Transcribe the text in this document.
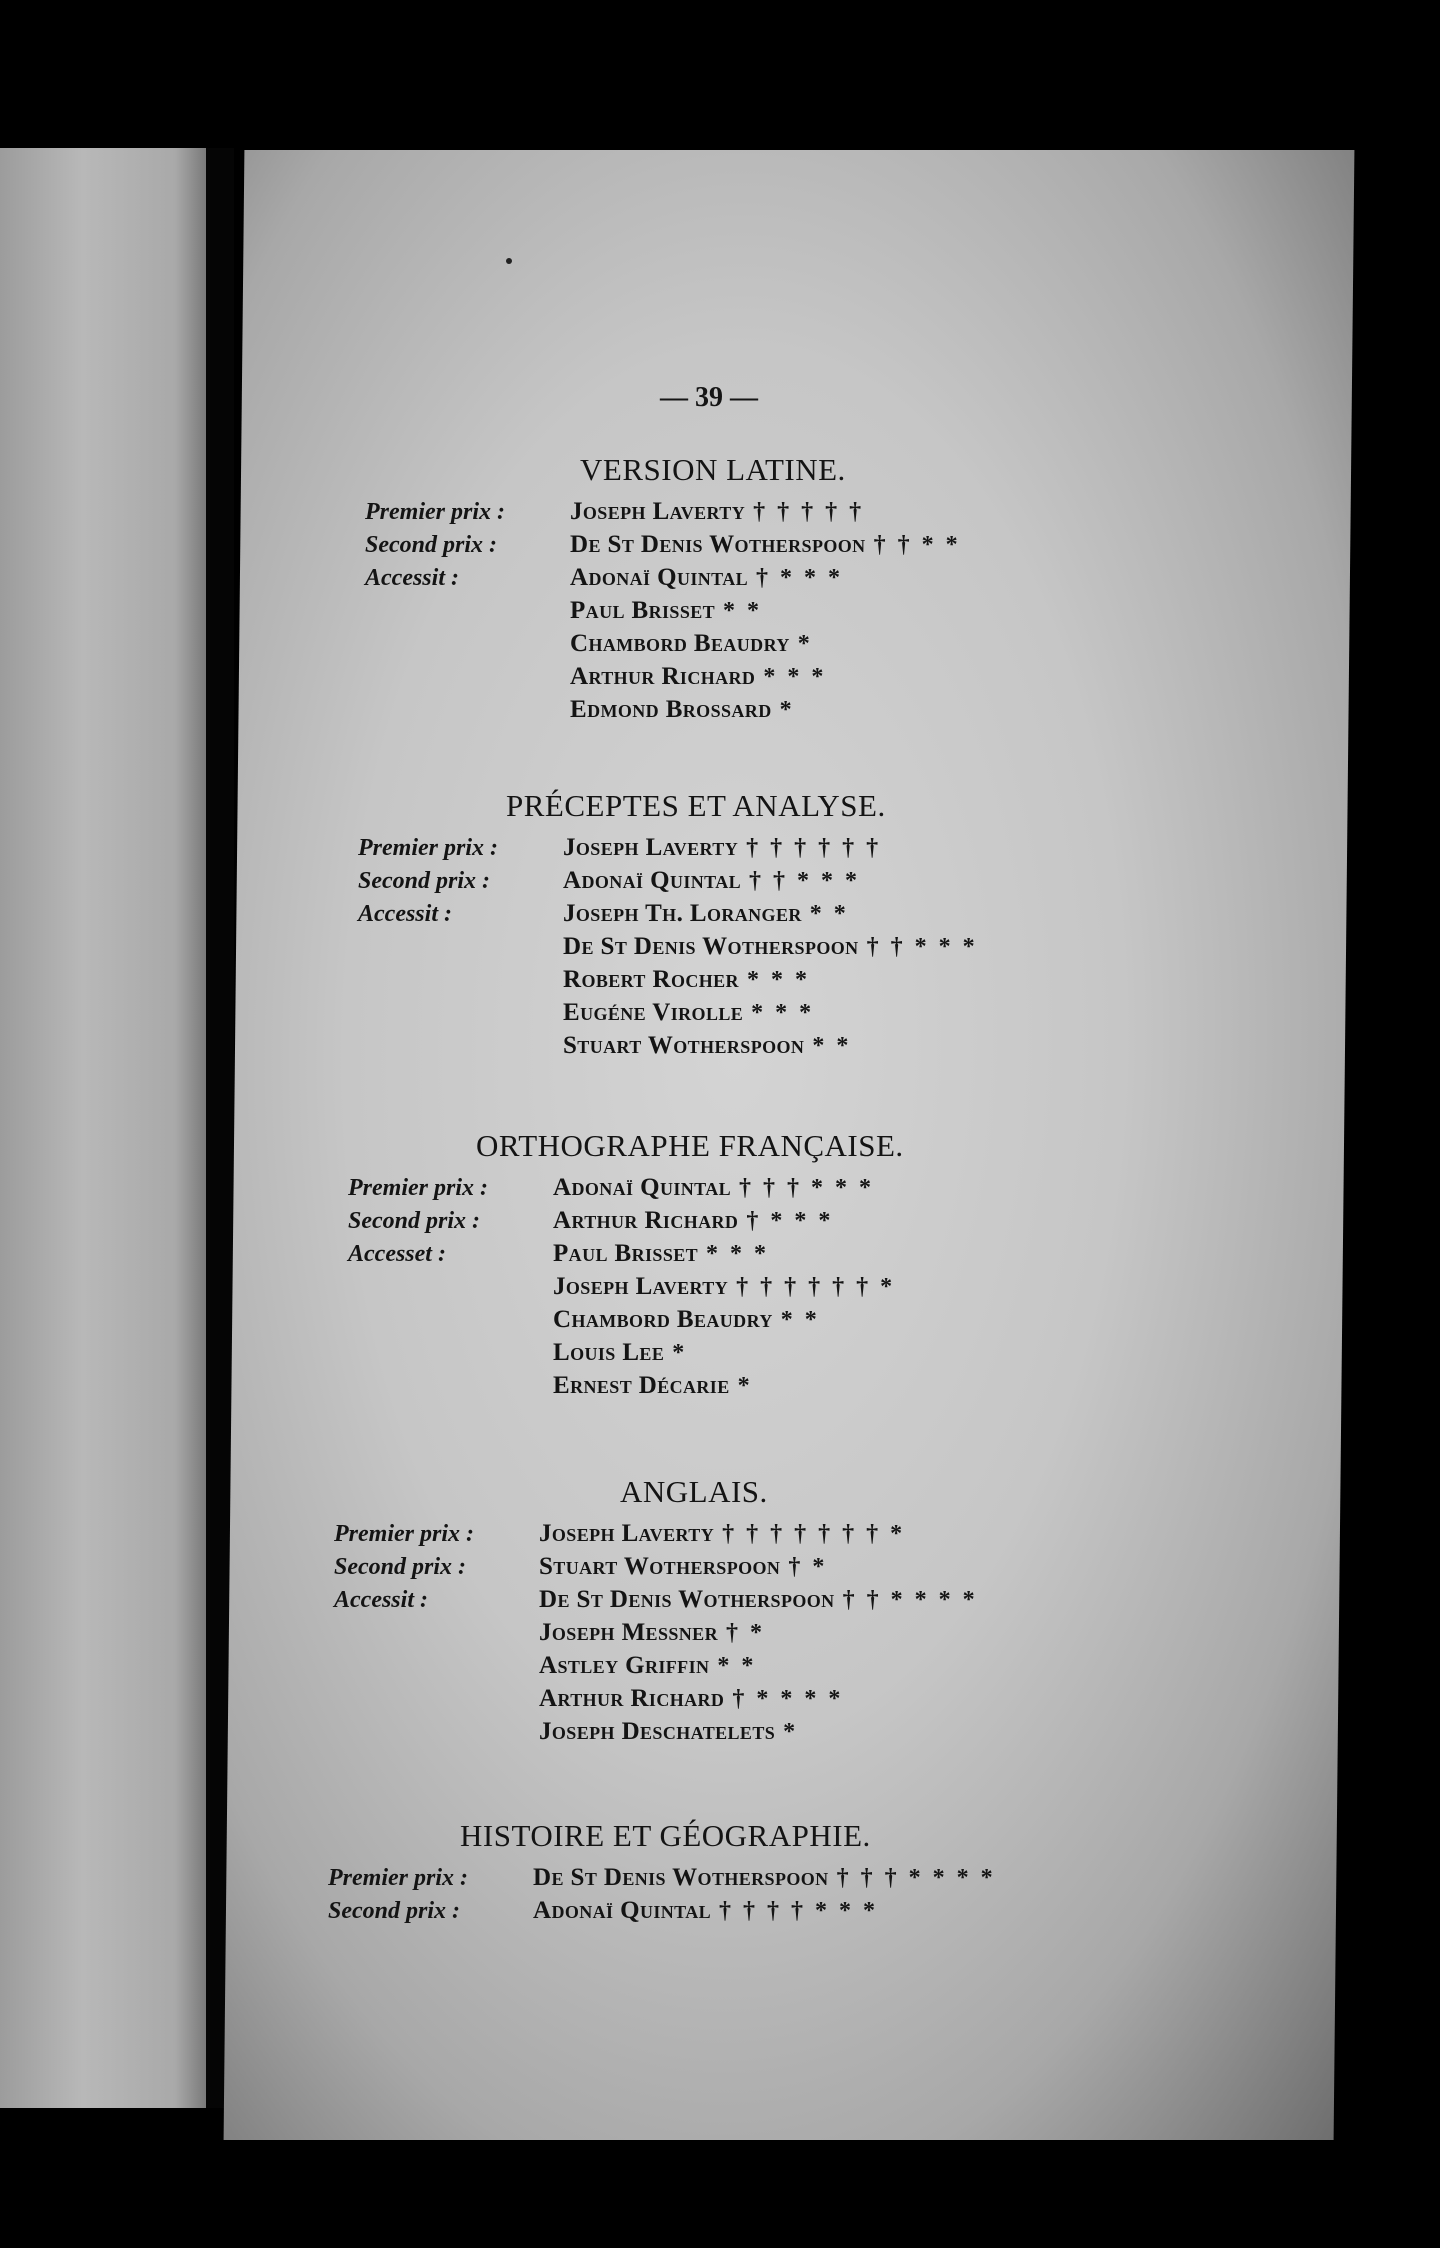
— 39 —
VERSION LATINE.
Premier prix :	Joseph Laverty † † † † †
Second prix :	De St Denis Wotherspoon † † * *
Accessit :	Adonaï Quintal † * * *
Paul Brisset * *
Chambord Beaudry *
Arthur Richard * * *
Edmond Brossard *
PRÉCEPTES ET ANALYSE.
Premier prix :	Joseph Laverty † † † † † †
Second prix :	Adonaï Quintal † † * * *
Accessit :	Joseph Th. Loranger * *
De St Denis Wotherspoon † † * * *
Robert Rocher * * *
Eugéne Virolle * * *
Stuart Wotherspoon * *
ORTHOGRAPHE FRANÇAISE.
Premier prix :	Adonaï Quintal † † † * * *
Second prix :	Arthur Richard † * * *
Accesset :	Paul Brisset * * *
Joseph Laverty † † † † † † *
Chambord Beaudry * *
Louis Lee *
Ernest Décarie *
ANGLAIS.
Premier prix :	Joseph Laverty † † † † † † † *
Second prix :	Stuart Wotherspoon † *
Accessit :	De St Denis Wotherspoon † † * * * *
Joseph Messner † *
Astley Griffin * *
Arthur Richard † * * * *
Joseph Deschatelets *
HISTOIRE ET GÉOGRAPHIE.
Premier prix :	De St Denis Wotherspoon † † † * * * *
Second prix :	Adonaï Quintal † † † † * * *
